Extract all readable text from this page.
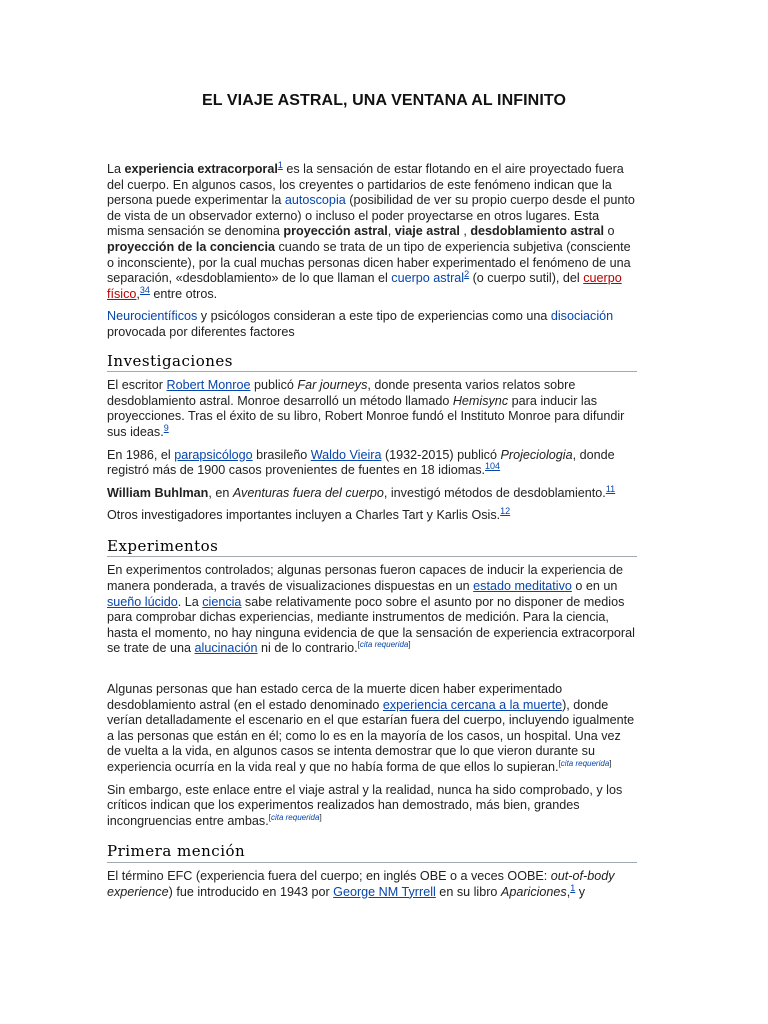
EL VIAJE ASTRAL, UNA VENTANA AL INFINITO

La experiencia extracorporal$^1$ es la sensación de estar flotando en el aire proyectado fuera del cuerpo. En algunos casos, los creyentes o partidarios de este fenómeno indican que la persona puede experimentar la autoscopia (posibilidad de ver su propio cuerpo desde el punto de vista de un observador externo) o incluso el poder proyectarse en otros lugares. Esta misma sensación se denomina proyección astral, viaje astral , desdoblamiento astral o proyección de la conciencia cuando se trata de un tipo de experiencia subjetiva (consciente o inconsciente), por la cual muchas personas dicen haber experimentado el fenómeno de una separación, «desdoblamiento» de lo que llaman el cuerpo astral$^2$ (o cuerpo sutil), del cuerpo físico,$^{34}$ entre otros.

Neurocientíficos y psicólogos consideran a este tipo de experiencias como una disociación provocada por diferentes factores

Investigaciones

El escritor Robert Monroe publicó Far journeys, donde presenta varios relatos sobre desdoblamiento astral. Monroe desarrolló un método llamado Hemisync para inducir las proyecciones. Tras el éxito de su libro, Robert Monroe fundó el Instituto Monroe para difundir sus ideas.$^9$

En 1986, el parapsicólogo brasileño Waldo Vieira (1932-2015) publicó Projeciologia, donde registró más de 1900 casos provenientes de fuentes en 18 idiomas.$^{104}$

William Buhlman, en Aventuras fuera del cuerpo, investigó métodos de desdoblamiento.$^{11}$

Otros investigadores importantes incluyen a Charles Tart y Karlis Osis.$^{12}$

Experimentos

En experimentos controlados; algunas personas fueron capaces de inducir la experiencia de manera ponderada, a través de visualizaciones dispuestas en un estado meditativo o en un sueño lúcido. La ciencia sabe relativamente poco sobre el asunto por no disponer de medios para comprobar dichas experiencias, mediante instrumentos de medición. Para la ciencia, hasta el momento, no hay ninguna evidencia de que la sensación de experiencia extracorporal se trate de una alucinación ni de lo contrario.[cita requerida]

Algunas personas que han estado cerca de la muerte dicen haber experimentado desdoblamiento astral (en el estado denominado experiencia cercana a la muerte), donde verían detalladamente el escenario en el que estarían fuera del cuerpo, incluyendo igualmente a las personas que están en él; como lo es en la mayoría de los casos, un hospital. Una vez de vuelta a la vida, en algunos casos se intenta demostrar que lo que vieron durante su experiencia ocurría en la vida real y que no había forma de que ellos lo supieran.[cita requerida]

Sin embargo, este enlace entre el viaje astral y la realidad, nunca ha sido comprobado, y los críticos indican que los experimentos realizados han demostrado, más bien, grandes incongruencias entre ambas.[cita requerida]

Primera mención

El término EFC (experiencia fuera del cuerpo; en inglés OBE o a veces OOBE: out-of-body experience) fue introducido en 1943 por George NM Tyrrell en su libro Apariciones,$^1$ y
